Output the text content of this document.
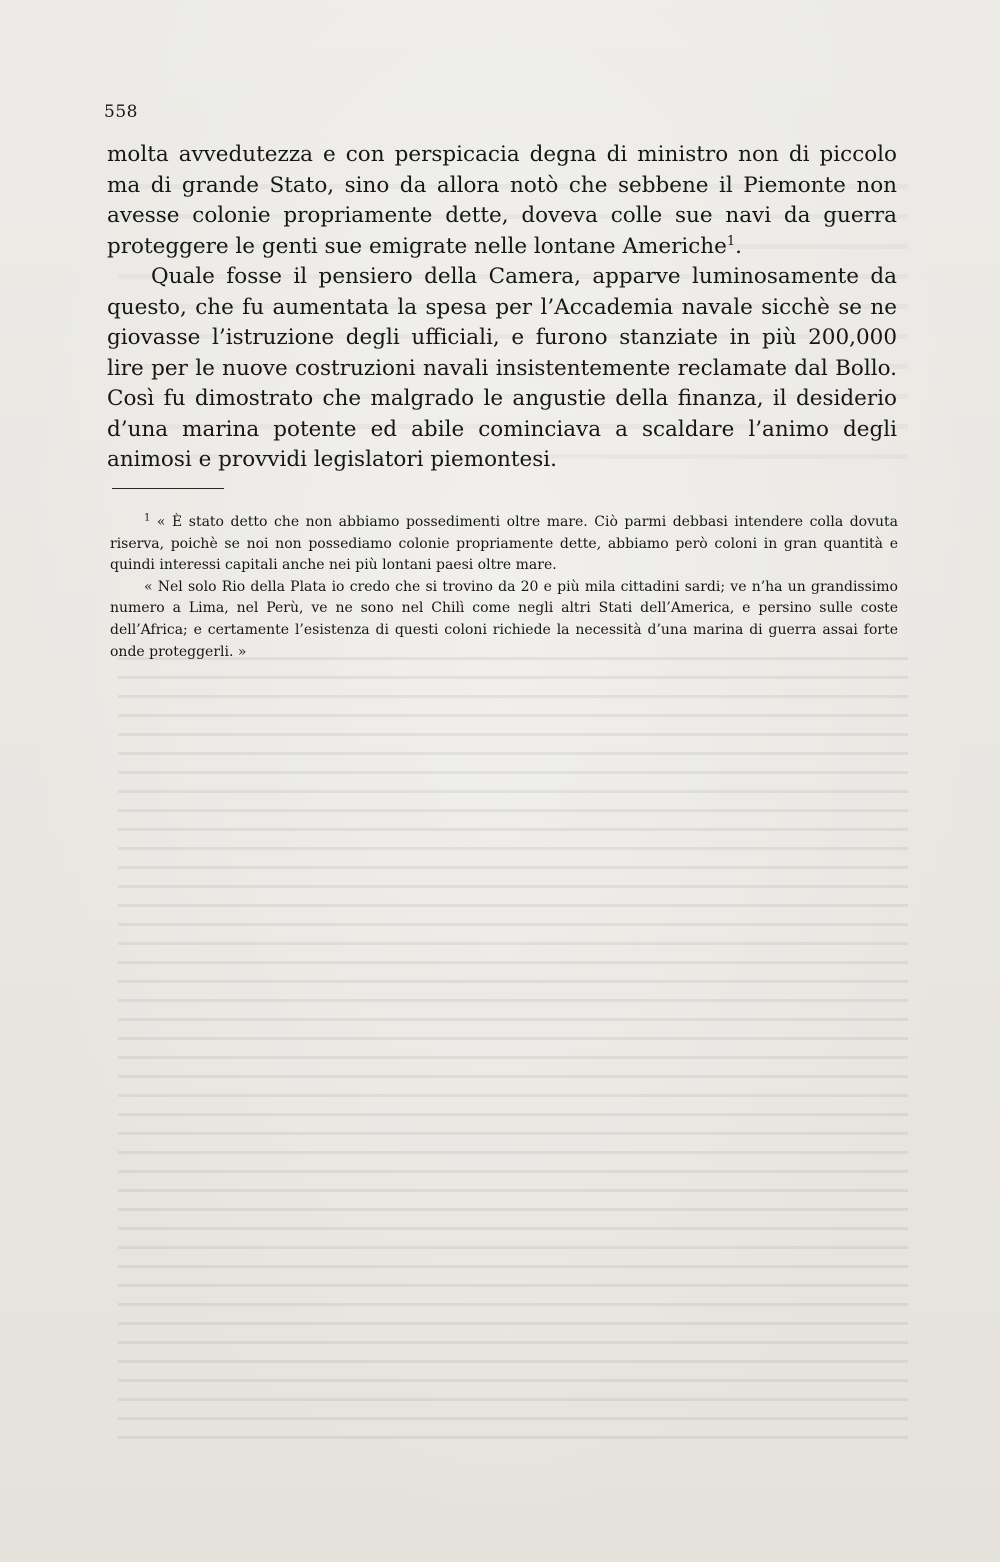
558

molta avvedutezza e con perspicacia degna di ministro non di piccolo ma di grande Stato, sino da allora notò che sebbene il Piemonte non avesse colonie propriamente dette, doveva colle sue navi da guerra proteggere le genti sue emigrate nelle lontane Americhe$^1$.

Quale fosse il pensiero della Camera, apparve luminosamente da questo, che fu aumentata la spesa per l’Accademia navale sicchè se ne giovasse l’istruzione degli ufficiali, e furono stanziate in più 200,000 lire per le nuove costruzioni navali insistentemente reclamate dal Bollo. Così fu dimostrato che malgrado le angustie della finanza, il desiderio d’una marina potente ed abile cominciava a scaldare l’animo degli animosi e provvidi legislatori piemontesi.

$^1$ « È stato detto che non abbiamo possedimenti oltre mare. Ciò parmi debbasi intendere colla dovuta riserva, poichè se noi non possediamo colonie propriamente dette, abbiamo però coloni in gran quantità e quindi interessi capitali anche nei più lontani paesi oltre mare.

« Nel solo Rio della Plata io credo che si trovino da 20 e più mila cittadini sardi; ve n’ha un grandissimo numero a Lima, nel Perù, ve ne sono nel Chilì come negli altri Stati dell’America, e persino sulle coste dell’Africa; e certamente l’esistenza di questi coloni richiede la necessità d’una marina di guerra assai forte onde proteggerli. »
